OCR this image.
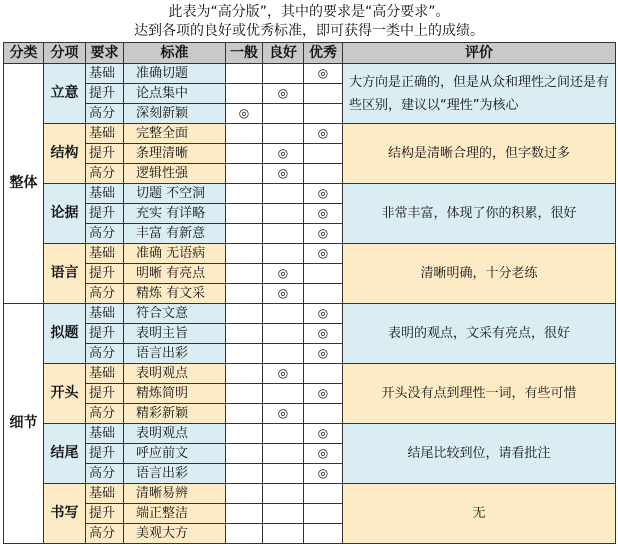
此表为“高分版”，其中的要求是“高分要求”。
达到各项的良好或优秀标准，即可获得一类中上的成绩。
分类	分项	要求	标准	一般	良好	优秀	评价
整体	立意	基础	准确切题			◎	大方向是正确的，但是从众和理性之间还是有些区别，建议以“理性”为核心
		提升	论点集中		◎		
		高分	深刻新颖	◎			
	结构	基础	完整全面			◎	结构是清晰合理的，但字数过多
		提升	条理清晰		◎		
		高分	逻辑性强		◎		
	论据	基础	切题 不空洞			◎	非常丰富，体现了你的积累，很好
		提升	充实 有详略			◎	
		高分	丰富 有新意			◎	
	语言	基础	准确 无语病			◎	清晰明确，十分老练
		提升	明晰 有亮点		◎		
		高分	精炼 有文采		◎		
细节	拟题	基础	符合文意			◎	表明的观点，文采有亮点，很好
		提升	表明主旨			◎	
		高分	语言出彩			◎	
	开头	基础	表明观点		◎		开头没有点到理性一词，有些可惜
		提升	精炼简明			◎	
		高分	精彩新颖		◎		
	结尾	基础	表明观点			◎	结尾比较到位，请看批注
		提升	呼应前文			◎	
		高分	语言出彩			◎	
	书写	基础	清晰易辨				无
		提升	端正整洁				
		高分	美观大方				
